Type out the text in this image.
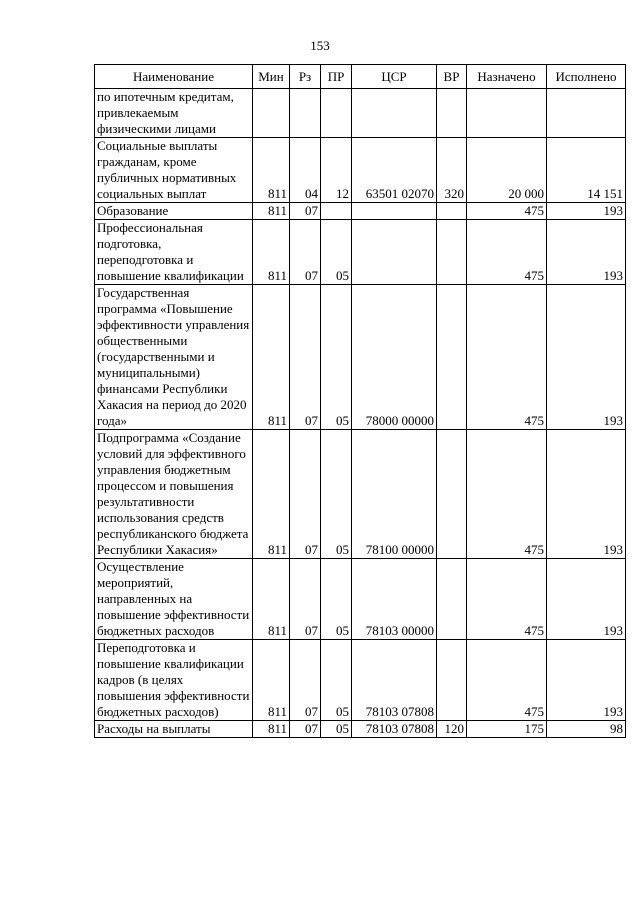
153
Наименование	Мин	Рз	ПР	ЦСР	ВР	Назначено	Исполнено
по ипотечным кредитам, привлекаемым физическими лицами							
Социальные выплаты гражданам, кроме публичных нормативных социальных выплат	811	04	12	63501 02070	320	20 000	14 151
Образование	811	07				475	193
Профессиональная подготовка, переподготовка и повышение квалификации	811	07	05			475	193
Государственная программа «Повышение эффективности управления общественными (государственными и муниципальными) финансами Республики Хакасия на период до 2020 года»	811	07	05	78000 00000		475	193
Подпрограмма «Создание условий для эффективного управления бюджетным процессом и повышения результативности использования средств республиканского бюджета Республики Хакасия»	811	07	05	78100 00000		475	193
Осуществление мероприятий, направленных на повышение эффективности бюджетных расходов	811	07	05	78103 00000		475	193
Переподготовка и повышение квалификации кадров (в целях повышения эффективности бюджетных расходов)	811	07	05	78103 07808		475	193
Расходы на выплаты	811	07	05	78103 07808	120	175	98
